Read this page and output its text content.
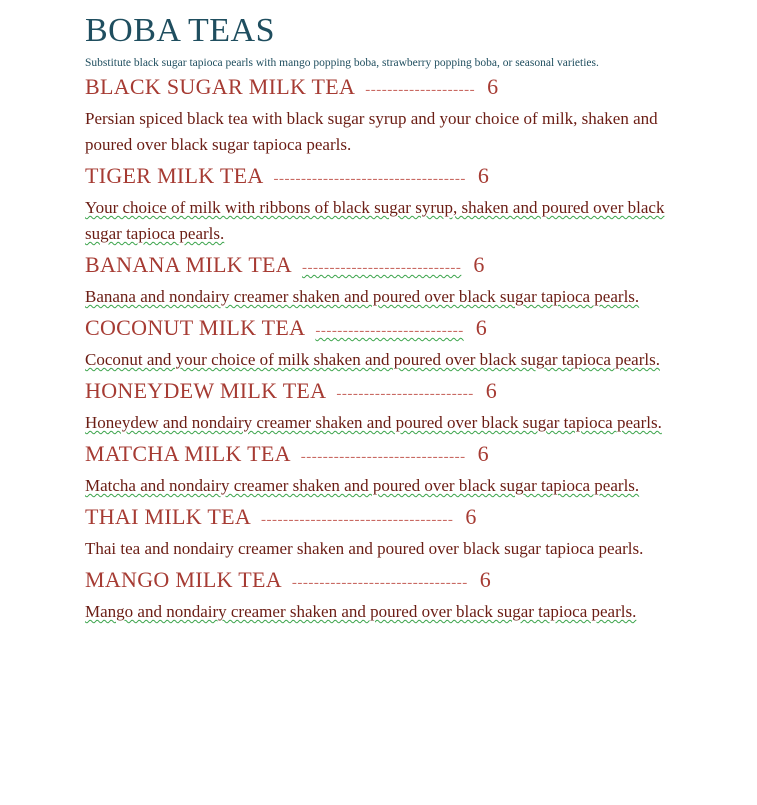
BOBA TEAS

Substitute black sugar tapioca pearls with mango popping boba, strawberry popping boba, or seasonal varieties.

BLACK SUGAR MILK TEA -------------------- 6
Persian spiced black tea with black sugar syrup and your choice of milk, shaken and poured over black sugar tapioca pearls.
TIGER MILK TEA ----------------------------------- 6
Your choice of milk with ribbons of black sugar syrup, shaken and poured over black sugar tapioca pearls.
BANANA MILK TEA ----------------------------- 6
Banana and nondairy creamer shaken and poured over black sugar tapioca pearls.
COCONUT MILK TEA --------------------------- 6
Coconut and your choice of milk shaken and poured over black sugar tapioca pearls.
HONEYDEW MILK TEA ------------------------- 6
Honeydew and nondairy creamer shaken and poured over black sugar tapioca pearls.
MATCHA MILK TEA ------------------------------ 6
Matcha and nondairy creamer shaken and poured over black sugar tapioca pearls.
THAI MILK TEA ----------------------------------- 6
Thai tea and nondairy creamer shaken and poured over black sugar tapioca pearls.
MANGO MILK TEA -------------------------------- 6
Mango and nondairy creamer shaken and poured over black sugar tapioca pearls.
